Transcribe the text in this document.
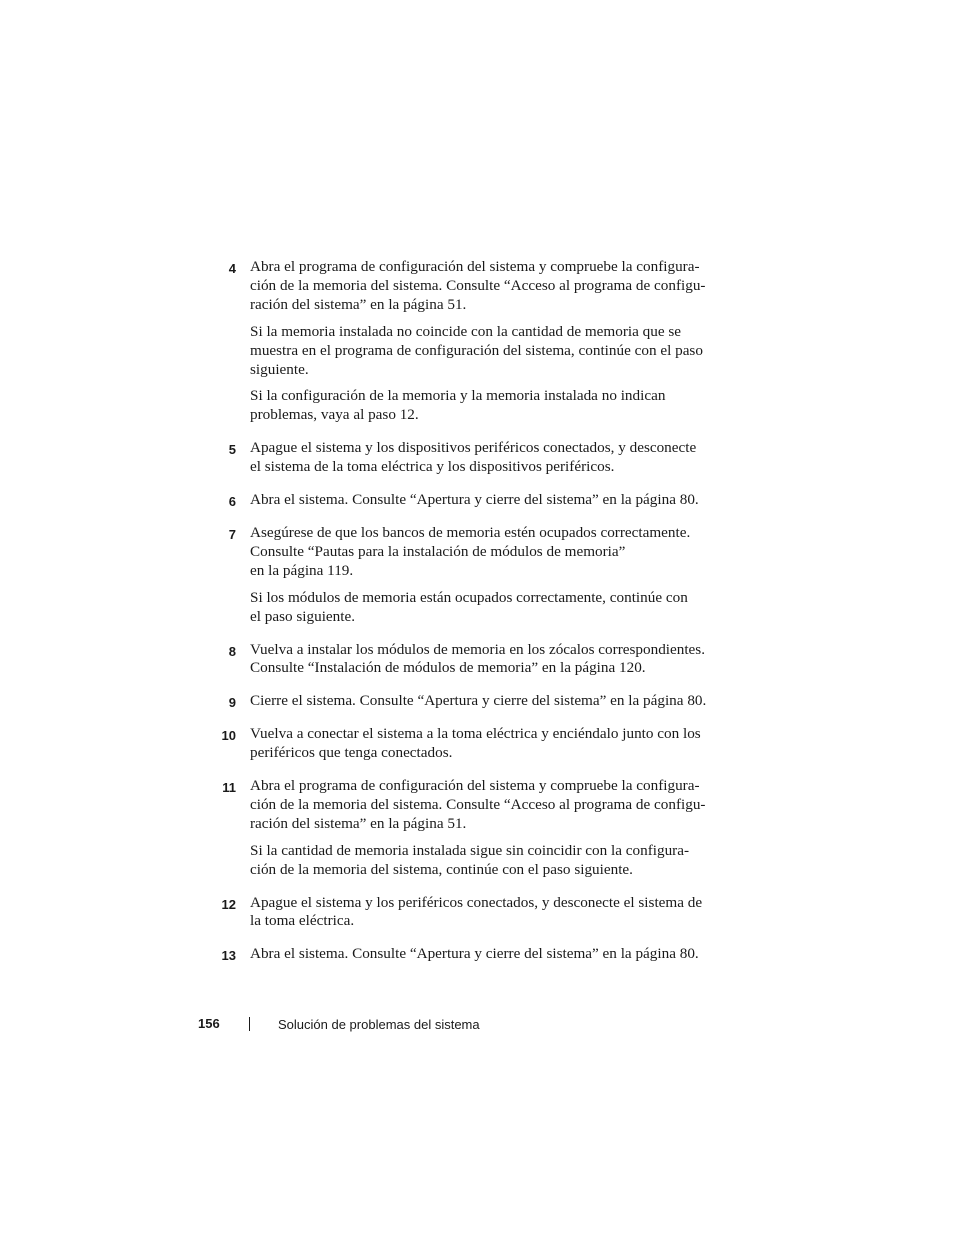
4 Abra el programa de configuración del sistema y compruebe la configura-
ción de la memoria del sistema. Consulte “Acceso al programa de configu-
ración del sistema” en la página 51.

Si la memoria instalada no coincide con la cantidad de memoria que se
muestra en el programa de configuración del sistema, continúe con el paso
siguiente.

Si la configuración de la memoria y la memoria instalada no indican
problemas, vaya al paso 12.

5 Apague el sistema y los dispositivos periféricos conectados, y desconecte
el sistema de la toma eléctrica y los dispositivos periféricos.

6 Abra el sistema. Consulte “Apertura y cierre del sistema” en la página 80.

7 Asegúrese de que los bancos de memoria estén ocupados correctamente.
Consulte “Pautas para la instalación de módulos de memoria”
en la página 119.

Si los módulos de memoria están ocupados correctamente, continúe con
el paso siguiente.

8 Vuelva a instalar los módulos de memoria en los zócalos correspondientes.
Consulte “Instalación de módulos de memoria” en la página 120.

9 Cierre el sistema. Consulte “Apertura y cierre del sistema” en la página 80.

10 Vuelva a conectar el sistema a la toma eléctrica y enciéndalo junto con los
periféricos que tenga conectados.

11 Abra el programa de configuración del sistema y compruebe la configura-
ción de la memoria del sistema. Consulte “Acceso al programa de configu-
ración del sistema” en la página 51.

Si la cantidad de memoria instalada sigue sin coincidir con la configura-
ción de la memoria del sistema, continúe con el paso siguiente.

12 Apague el sistema y los periféricos conectados, y desconecte el sistema de
la toma eléctrica.

13 Abra el sistema. Consulte “Apertura y cierre del sistema” en la página 80.

156	Solución de problemas del sistema
